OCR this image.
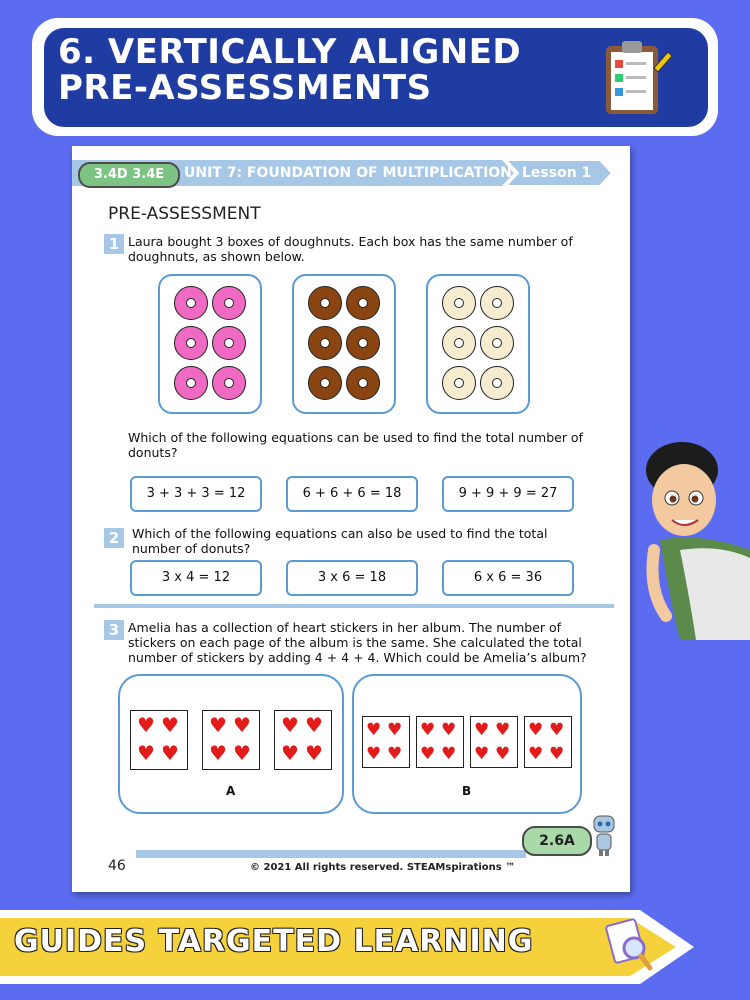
6. VERTICALLY ALIGNED
PRE-ASSESSMENTS
3.4D 3.4E	UNIT 7: FOUNDATION OF MULTIPLICATION Lesson 1
PRE-ASSESSMENT
1 Laura bought 3 boxes of doughnuts. Each box has the same number of
doughnuts, as shown below.
Which of the following equations can be used to find the total number of
donuts?
3 + 3 + 3 = 12	6 + 6 + 6 = 18	9 + 9 + 9 = 27
2	Which of the following equations can also be used to find the total
number of donuts?
3 x 4 = 12	3 x 6 = 18	6 x 6 = 36
3 Amelia has a collection of heart stickers in her album. The number of
stickers on each page of the album is the same. She calculated the total
number of stickers by adding 4 + 4 + 4. Which could be Amelia’s album?
♥ ♥
♥ ♥
♥ ♥
♥ ♥
♥ ♥
♥ ♥
A
♥ ♥
♥ ♥
♥ ♥
♥ ♥
♥ ♥
♥ ♥
♥ ♥
♥ ♥
B
2.6A
46	© 2021 All rights reserved. STEAMspirations ™
GUIDES TARGETED LEARNING
